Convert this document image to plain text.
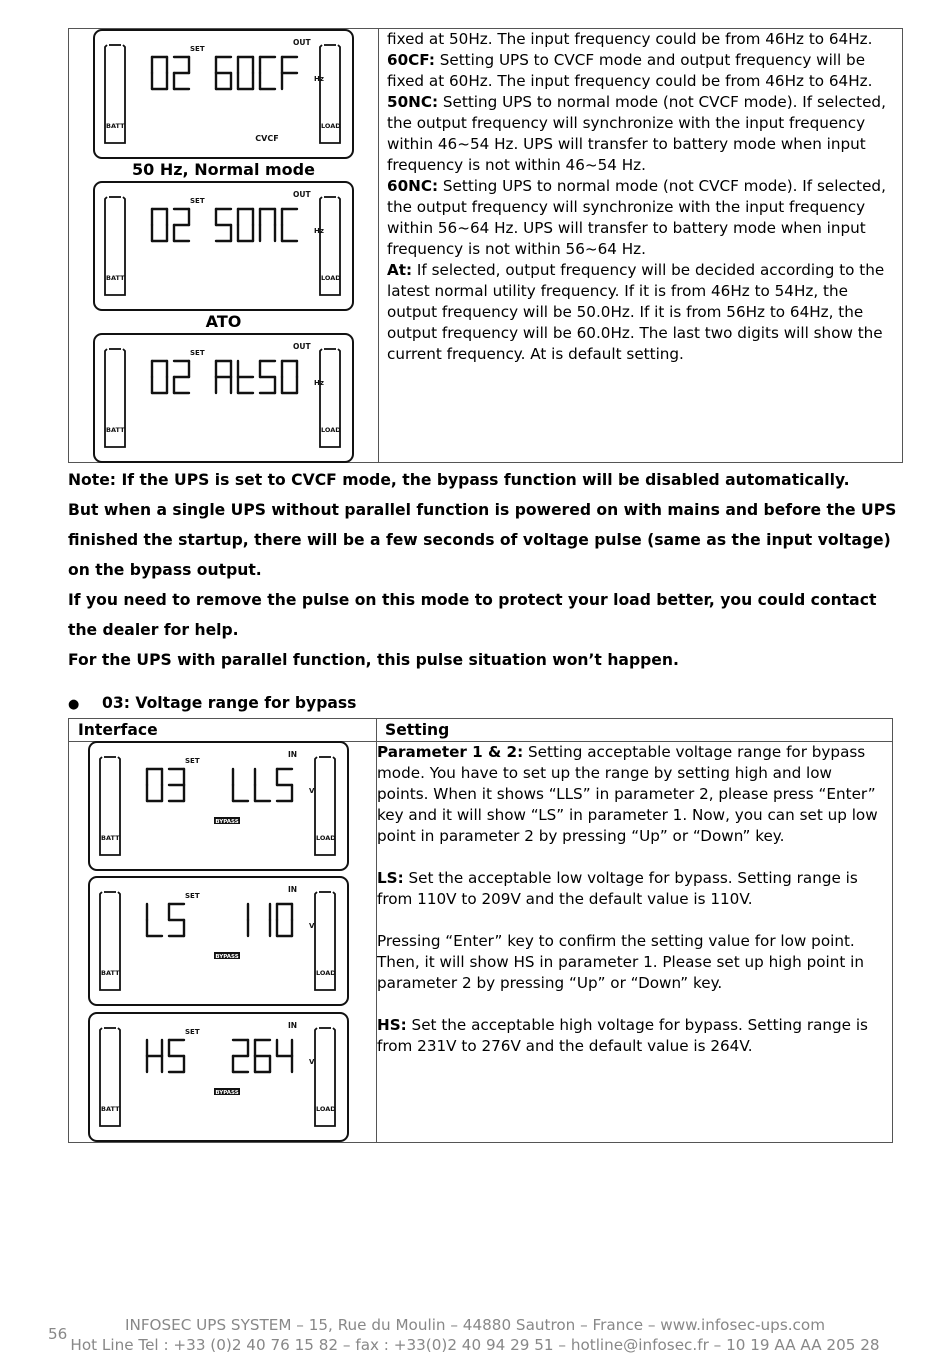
BATT	LOAD
SET
OUT
Hz
CVCF
50 Hz, Normal mode
BATT	LOAD
SET
OUT
Hz
ATO
BATT	LOAD
SET
OUT
Hz

fixed at 50Hz. The input frequency could be from 46Hz to 64Hz.

60CF: Setting UPS to CVCF mode and output frequency will be fixed at 60Hz. The input frequency could be from 46Hz to 64Hz.

50NC: Setting UPS to normal mode (not CVCF mode). If selected, the output frequency will synchronize with the input frequency within 46~54 Hz. UPS will transfer to battery mode when input frequency is not within 46~54 Hz.

60NC: Setting UPS to normal mode (not CVCF mode). If selected, the output frequency will synchronize with the input frequency within 56~64 Hz. UPS will transfer to battery mode when input frequency is not within 56~64 Hz.

At: If selected, output frequency will be decided according to the latest normal utility frequency. If it is from 46Hz to 54Hz, the output frequency will be 50.0Hz. If it is from 56Hz to 64Hz, the output frequency will be 60.0Hz. The last two digits will show the current frequency. At is default setting.

Note: If the UPS is set to CVCF mode, the bypass function will be disabled automatically.

But when a single UPS without parallel function is powered on with mains and before the UPS finished the startup, there will be a few seconds of voltage pulse (same as the input voltage) on the bypass output.

If you need to remove the pulse on this mode to protect your load better, you could contact the dealer for help.

For the UPS with parallel function, this pulse situation won’t happen.

● 03: Voltage range for bypass
Interface	Setting

BATT	LOAD
SET
IN
V
BYPASS
BATT	LOAD
SET
IN
V
BYPASS
BATT	LOAD
SET
IN
V
BYPASS

Parameter 1 & 2: Setting acceptable voltage range for bypass mode. You have to set up the range by setting high and low points. When it shows “LLS” in parameter 2, please press “Enter” key and it will show “LS” in parameter 1. Now, you can set up low point in parameter 2 by pressing “Up” or “Down” key.

LS: Set the acceptable low voltage for bypass. Setting range is from 110V to 209V and the default value is 110V.

Pressing “Enter” key to confirm the setting value for low point. Then, it will show HS in parameter 1. Please set up high point in parameter 2 by pressing “Up” or “Down” key.

HS: Set the acceptable high voltage for bypass. Setting range is from 231V to 276V and the default value is 264V.

56	INFOSEC UPS SYSTEM – 15, Rue du Moulin – 44880 Sautron – France – www.infosec-ups.com
Hot Line Tel : +33 (0)2 40 76 15 82 – fax : +33(0)2 40 94 29 51 – hotline@infosec.fr – 10 19 AA AA 205 28
